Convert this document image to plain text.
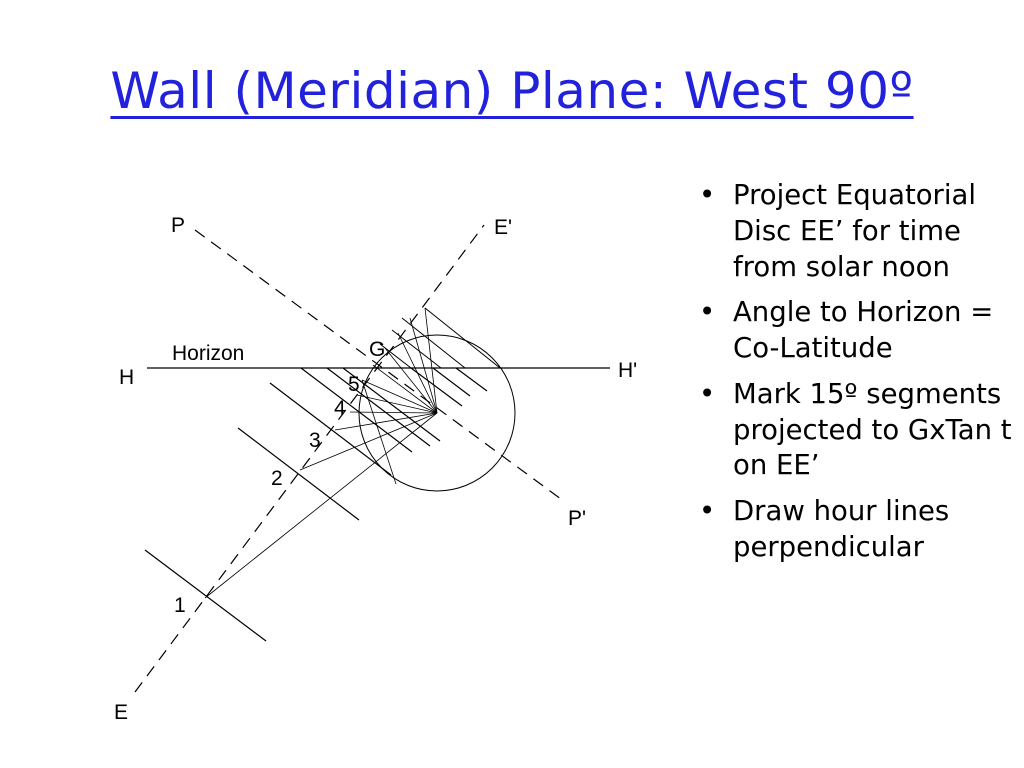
Wall (Meridian) Plane: West 90º
P	E'
Horizon	G
H	H'
5
4
3
2
P'
1
E
• Project Equatorial Disc EE’ for time from solar noon
• Angle to Horizon = Co-Latitude
• Mark 15º segments projected to GxTan t on EE’
• Draw hour lines perpendicular
